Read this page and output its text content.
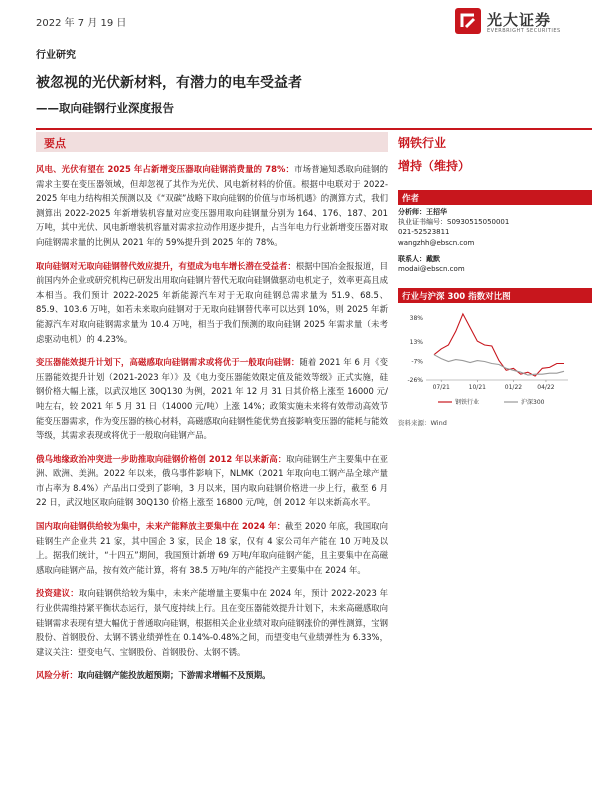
2022 年 7 月 19 日	光大证券
EVERBRIGHT SECURITIES
行业研究
被忽视的光伏新材料，有潜力的电车受益者
——取向硅钢行业深度报告
要点

风电、光伏有望在 2025 年占新增变压器取向硅钢消费量的 78%：市场普遍知悉取向硅钢的需求主要在变压器领域，但却忽视了其作为光伏、风电新材料的价值。根据中电联对于 2022-2025 年电力结构相关预测以及《“双碳”战略下取向硅钢的价值与市场机遇》的测算方式，我们测算出 2022-2025 年新增装机容量对应变压器用取向硅钢量分别为 164、176、187、201 万吨，其中光伏、风电新增装机容量对需求拉动作用逐步提升，占当年电力行业新增变压器对取向硅钢需求量的比例从 2021 年的 59%提升到 2025 年的 78%。

取向硅钢对无取向硅钢替代效应提升，有望成为电车增长潜在受益者：根据中国冶金报报道，目前国内外企业或研究机构已研发出用取向硅钢片替代无取向硅钢做驱动电机定子，效率更高且成本相当。我们预计 2022-2025 年新能源汽车对于无取向硅钢总需求量为 51.9、68.5、85.9、103.6 万吨，如若未来取向硅钢对于无取向硅钢替代率可以达到 10%，则 2025 年新能源汽车对取向硅钢需求量为 10.4 万吨，相当于我们预测的取向硅钢 2025 年需求量（未考虑驱动电机）的 4.23%。

变压器能效提升计划下，高磁感取向硅钢需求或将优于一般取向硅钢：随着 2021 年 6 月《变压器能效提升计划（2021-2023 年）》及《电力变压器能效限定值及能效等级》正式实施，硅钢价格大幅上涨，以武汉地区 30Q130 为例，2021 年 12 月 31 日其价格上涨至 16000 元/吨左右，较 2021 年 5 月 31 日（14000 元/吨）上涨 14%；政策实施未来将有效带动高效节能变压器需求，作为变压器的核心材料，高磁感取向硅钢性能优势直接影响变压器的能耗与能效等级，其需求表现或将优于一般取向硅钢产品。

俄乌地缘政治冲突进一步助推取向硅钢价格创 2012 年以来新高：取向硅钢生产主要集中在亚洲、欧洲、美洲。2022 年以来，俄乌事件影响下，NLMK（2021 年取向电工钢产品全球产量市占率为 8.4%）产品出口受到了影响，3 月以来，国内取向硅钢价格进一步上行，截至 6 月 22 日，武汉地区取向硅钢 30Q130 价格上涨至 16800 元/吨，创 2012 年以来新高水平。

国内取向硅钢供给较为集中，未来产能释放主要集中在 2024 年：截至 2020 年底，我国取向硅钢生产企业共 21 家，其中国企 3 家，民企 18 家，仅有 4 家公司年产能在 10 万吨及以上。据我们统计，“十四五”期间，我国预计新增 69 万吨/年取向硅钢产能，且主要集中在高磁感取向硅钢产品，按有效产能计算，将有 38.5 万吨/年的产能投产主要集中在 2024 年。

投资建议：取向硅钢供给较为集中，未来产能增量主要集中在 2024 年，预计 2022-2023 年行业供需维持紧平衡状态运行，景气度持续上行。且在变压器能效提升计划下，未来高磁感取向硅钢需求表现有望大幅优于普通取向硅钢，根据相关企业业绩对取向硅钢涨价的弹性测算，宝钢股份、首钢股份、太钢不锈业绩弹性在 0.14%-0.48%之间，而望变电气业绩弹性为 6.33%，建议关注：望变电气、宝钢股份、首钢股份、太钢不锈。

风险分析：取向硅钢产能投放超预期；下游需求增幅不及预期。

钢铁行业
增持（维持）
作者
分析师：王招华
执业证书编号：S0930515050001
021-52523811
wangzhh@ebscn.com
联系人：戴默
modai@ebscn.com
行业与沪深 300 指数对比图
38%
13%
-7%
-26%
07/21	10/21	01/22	04/22
钢铁行业	沪深300
资料来源：Wind
